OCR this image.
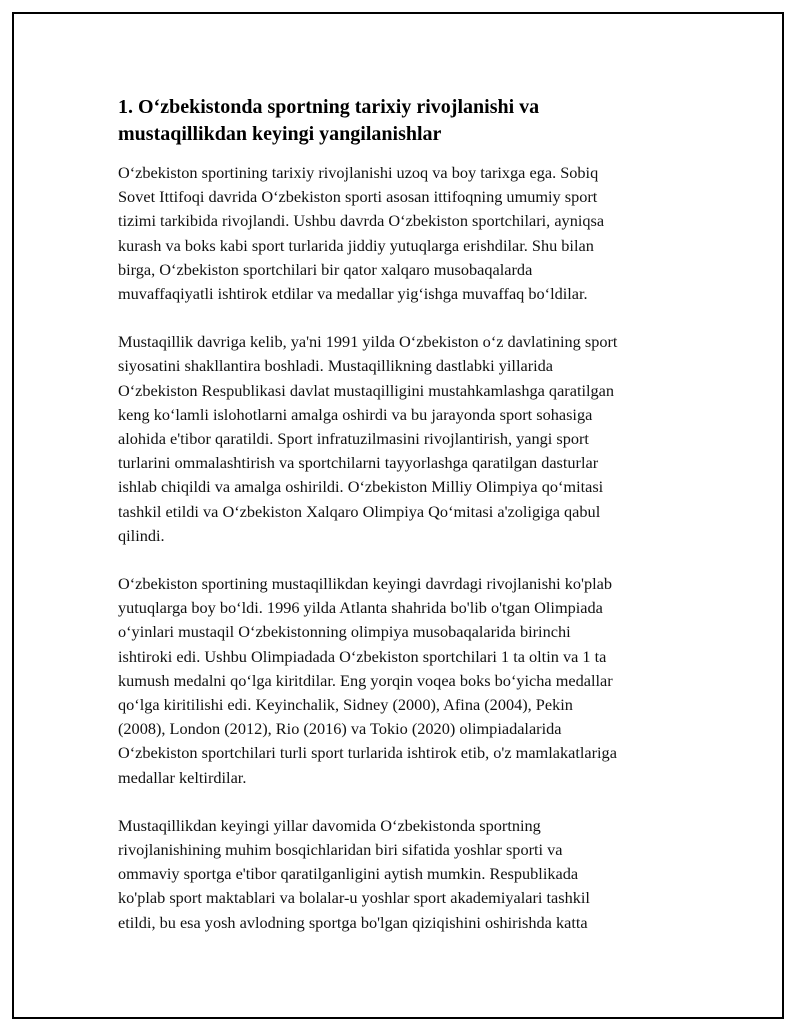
1. O‘zbekistonda sportning tarixiy rivojlanishi va
mustaqillikdan keyingi yangilanishlar

O‘zbekiston sportining tarixiy rivojlanishi uzoq va boy tarixga ega. Sobiq
Sovet Ittifoqi davrida O‘zbekiston sporti asosan ittifoqning umumiy sport
tizimi tarkibida rivojlandi. Ushbu davrda O‘zbekiston sportchilari, ayniqsa
kurash va boks kabi sport turlarida jiddiy yutuqlarga erishdilar. Shu bilan
birga, O‘zbekiston sportchilari bir qator xalqaro musobaqalarda
muvaffaqiyatli ishtirok etdilar va medallar yig‘ishga muvaffaq bo‘ldilar.

Mustaqillik davriga kelib, ya'ni 1991 yilda O‘zbekiston o‘z davlatining sport
siyosatini shakllantira boshladi. Mustaqillikning dastlabki yillarida
O‘zbekiston Respublikasi davlat mustaqilligini mustahkamlashga qaratilgan
keng ko‘lamli islohotlarni amalga oshirdi va bu jarayonda sport sohasiga
alohida e'tibor qaratildi. Sport infratuzilmasini rivojlantirish, yangi sport
turlarini ommalashtirish va sportchilarni tayyorlashga qaratilgan dasturlar
ishlab chiqildi va amalga oshirildi. O‘zbekiston Milliy Olimpiya qo‘mitasi
tashkil etildi va O‘zbekiston Xalqaro Olimpiya Qo‘mitasi a'zoligiga qabul
qilindi.

O‘zbekiston sportining mustaqillikdan keyingi davrdagi rivojlanishi ko'plab
yutuqlarga boy bo‘ldi. 1996 yilda Atlanta shahrida bo'lib o'tgan Olimpiada
o‘yinlari mustaqil O‘zbekistonning olimpiya musobaqalarida birinchi
ishtiroki edi. Ushbu Olimpiadada O‘zbekiston sportchilari 1 ta oltin va 1 ta
kumush medalni qo‘lga kiritdilar. Eng yorqin voqea boks bo‘yicha medallar
qo‘lga kiritilishi edi. Keyinchalik, Sidney (2000), Afina (2004), Pekin
(2008), London (2012), Rio (2016) va Tokio (2020) olimpiadalarida
O‘zbekiston sportchilari turli sport turlarida ishtirok etib, o'z mamlakatlariga
medallar keltirdilar.

Mustaqillikdan keyingi yillar davomida O‘zbekistonda sportning
rivojlanishining muhim bosqichlaridan biri sifatida yoshlar sporti va
ommaviy sportga e'tibor qaratilganligini aytish mumkin. Respublikada
ko'plab sport maktablari va bolalar-u yoshlar sport akademiyalari tashkil
etildi, bu esa yosh avlodning sportga bo'lgan qiziqishini oshirishda katta
